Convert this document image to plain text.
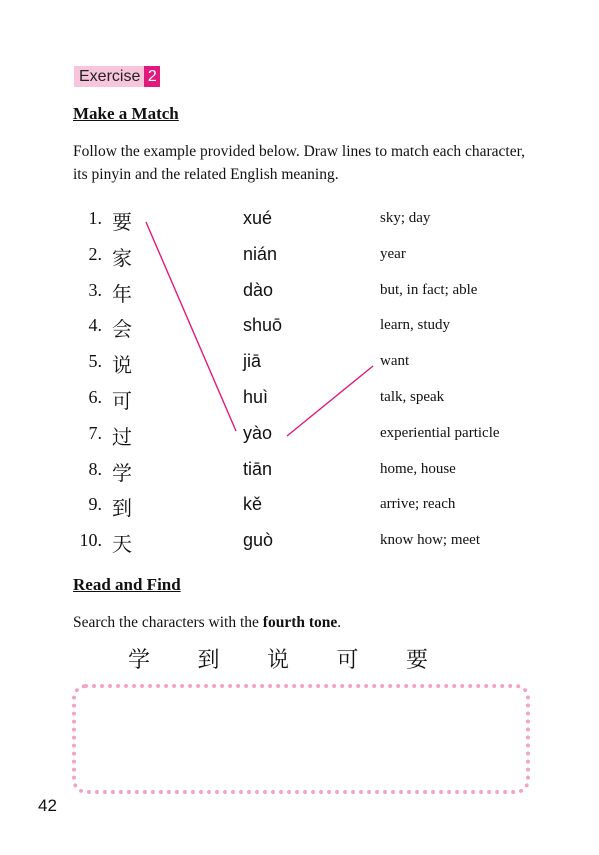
Exercise 2
Make a Match
Follow the example provided below. Draw lines to match each character, its pinyin and the related English meaning.
1. 要	xué	sky; day
2. 家	nián	year
3. 年	dào	but, in fact; able
4. 会	shuō	learn, study
5. 说	jiā	want
6. 可	huì	talk, speak
7. 过	yào	experiential particle
8. 学	tiān	home, house
9. 到	kě	arrive; reach
10. 天	guò	know how; meet
Read and Find
Search the characters with the fourth tone.
学 到 说 可 要
42
